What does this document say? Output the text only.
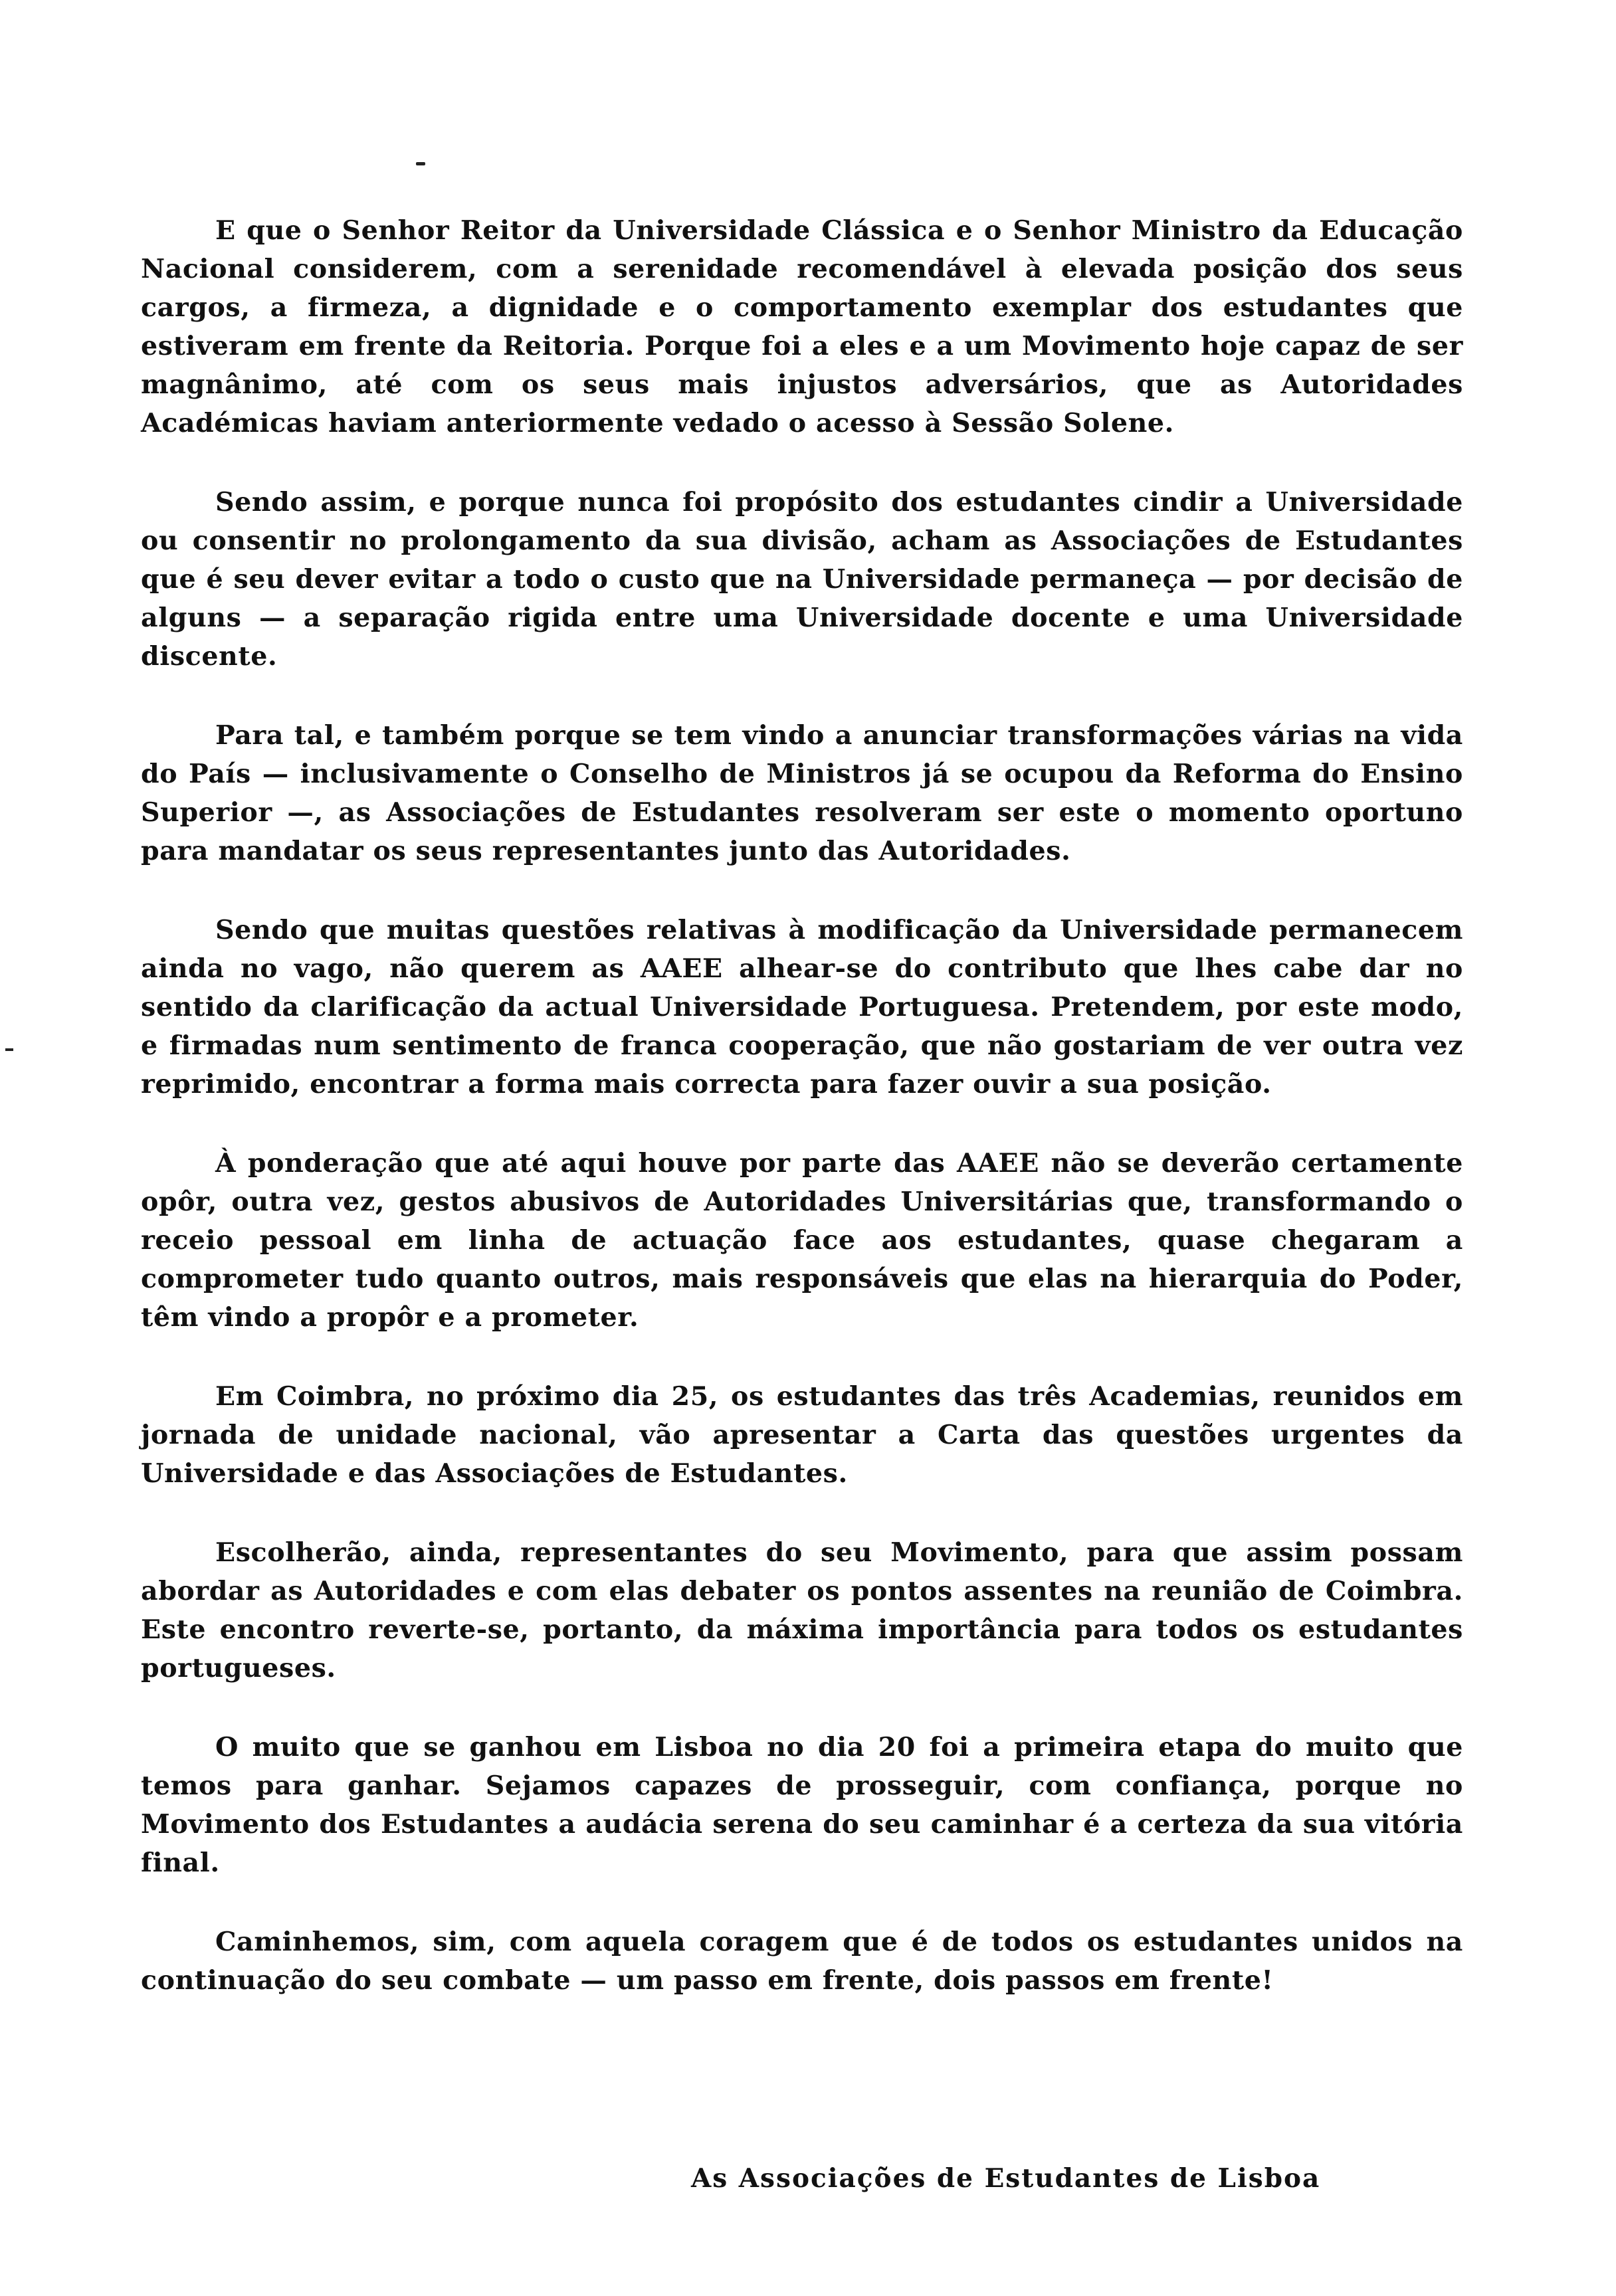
E que o Senhor Reitor da Universidade Clássica e o Senhor Ministro da Educação Nacional considerem, com a serenidade recomendável à elevada posição dos seus cargos, a firmeza, a dignidade e o comportamento exemplar dos estudantes que estiveram em frente da Reitoria. Porque foi a eles e a um Movimento hoje capaz de ser magnânimo, até com os seus mais injustos adversários, que as Autoridades Académicas haviam anteriormente vedado o acesso à Sessão Solene.

Sendo assim, e porque nunca foi propósito dos estudantes cindir a Universidade ou consentir no prolongamento da sua divisão, acham as Associações de Estudantes que é seu dever evitar a todo o custo que na Universidade permaneça — por decisão de alguns — a separação rigida entre uma Universidade docente e uma Universidade discente.

Para tal, e também porque se tem vindo a anunciar transformações várias na vida do País — inclusivamente o Conselho de Ministros já se ocupou da Reforma do Ensino Superior —, as Associações de Estudantes resolveram ser este o momento oportuno para mandatar os seus representantes junto das Autoridades.

Sendo que muitas questões relativas à modificação da Universidade permanecem ainda no vago, não querem as AAEE alhear-se do contributo que lhes cabe dar no sentido da clarificação da actual Universidade Portuguesa. Pretendem, por este modo, e firmadas num sentimento de franca cooperação, que não gostariam de ver outra vez reprimido, encontrar a forma mais correcta para fazer ouvir a sua posição.

À ponderação que até aqui houve por parte das AAEE não se deverão certamente opôr, outra vez, gestos abusivos de Autoridades Universitárias que, transformando o receio pessoal em linha de actuação face aos estudantes, quase chegaram a comprometer tudo quanto outros, mais responsáveis que elas na hierarquia do Poder, têm vindo a propôr e a prometer.

Em Coimbra, no próximo dia 25, os estudantes das três Academias, reunidos em jornada de unidade nacional, vão apresentar a Carta das questões urgentes da Universidade e das Associações de Estudantes.

Escolherão, ainda, representantes do seu Movimento, para que assim possam abordar as Autoridades e com elas debater os pontos assentes na reunião de Coimbra. Este encontro reverte-se, portanto, da máxima importância para todos os estudantes portugueses.

O muito que se ganhou em Lisboa no dia 20 foi a primeira etapa do muito que temos para ganhar. Sejamos capazes de prosseguir, com confiança, porque no Movimento dos Estudantes a audácia serena do seu caminhar é a certeza da sua vitória final.

Caminhemos, sim, com aquela coragem que é de todos os estudantes unidos na continuação do seu combate — um passo em frente, dois passos em frente!

As Associações de Estudantes de Lisboa
